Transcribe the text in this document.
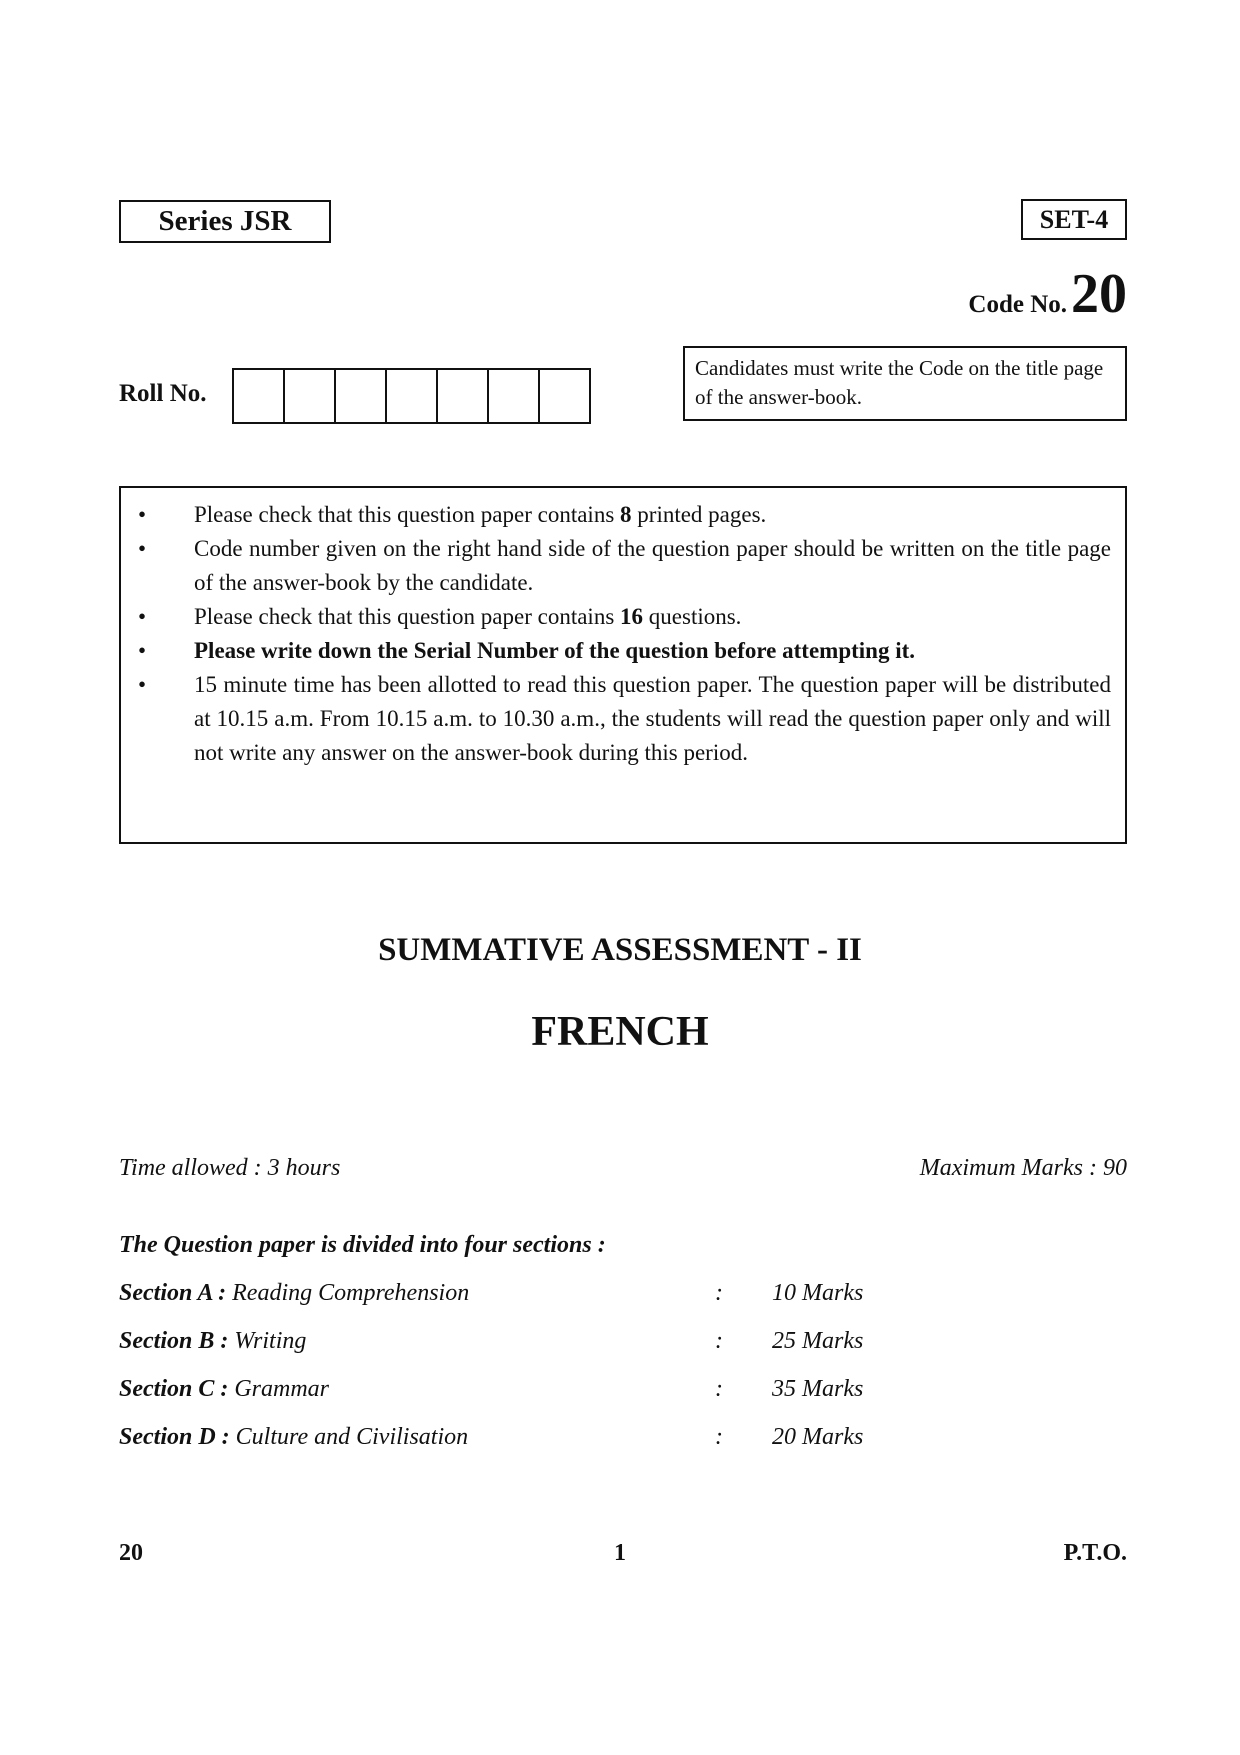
Series JSR	SET-4
Code No. 20
Roll No.
Candidates must write the Code on the title page of the answer-book.
• Please check that this question paper contains 8 printed pages.
• Code number given on the right hand side of the question paper should be written on the title page of the answer-book by the candidate.
• Please check that this question paper contains 16 questions.
• Please write down the Serial Number of the question before attempting it.
• 15 minute time has been allotted to read this question paper. The question paper will be distributed at 10.15 a.m. From 10.15 a.m. to 10.30 a.m., the students will read the question paper only and will not write any answer on the answer-book during this period.
SUMMATIVE ASSESSMENT - II
FRENCH
Time allowed : 3 hours	Maximum Marks : 90
The Question paper is divided into four sections :
Section A : Reading Comprehension	: 10 Marks
Section B : Writing	: 25 Marks
Section C : Grammar	: 35 Marks
Section D : Culture and Civilisation	: 20 Marks
20	1	P.T.O.
